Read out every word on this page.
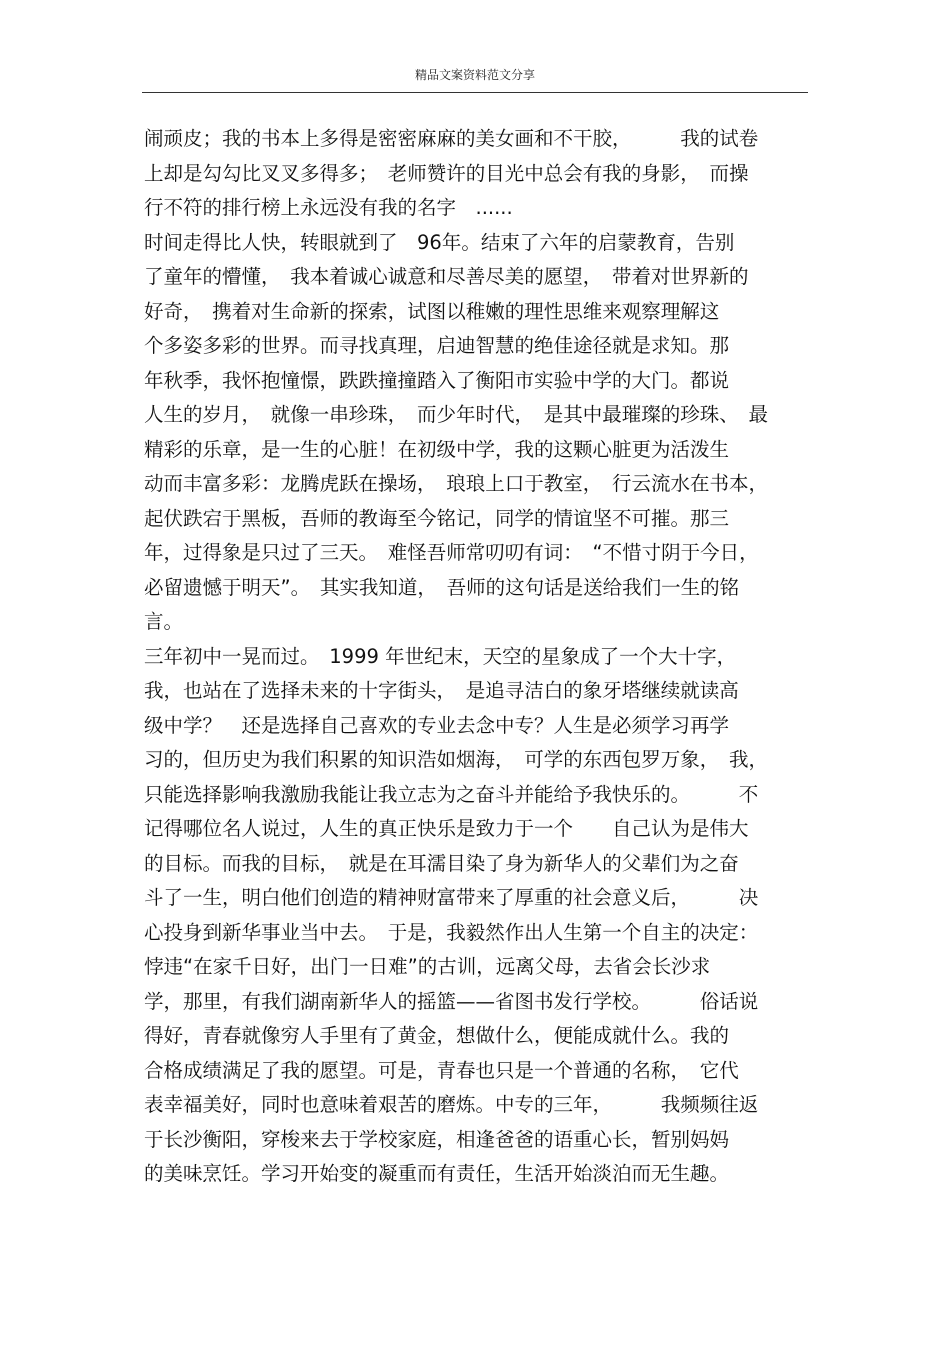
精品文案资料范文分享
闹顽皮；我的书本上多得是密密麻麻的美女画和不干胶，　　　我的试卷
上却是勾勾比叉叉多得多；　老师赞许的目光中总会有我的身影，　而操
行不符的排行榜上永远没有我的名字　......
时间走得比人快，转眼就到了　96年。结束了六年的启蒙教育，告别
了童年的懵懂，　我本着诚心诚意和尽善尽美的愿望，　带着对世界新的
好奇，　携着对生命新的探索，试图以稚嫩的理性思维来观察理解这
个多姿多彩的世界。而寻找真理，启迪智慧的绝佳途径就是求知。那
年秋季，我怀抱憧憬，跌跌撞撞踏入了衡阳市实验中学的大门。都说
人生的岁月，　就像一串珍珠，　而少年时代，　是其中最璀璨的珍珠、　最
精彩的乐章，是一生的心脏！在初级中学，我的这颗心脏更为活泼生
动而丰富多彩：龙腾虎跃在操场，　琅琅上口于教室，　行云流水在书本，
起伏跌宕于黑板，吾师的教诲至今铭记，同学的情谊坚不可摧。那三
年，过得象是只过了三天。　难怪吾师常叨叨有词：　“不惜寸阴于今日，
必留遗憾于明天”。　其实我知道，　吾师的这句话是送给我们一生的铭
言。
三年初中一晃而过。　1999 年世纪末，天空的星象成了一个大十字，
我，也站在了选择未来的十字街头，　是追寻洁白的象牙塔继续就读高
级中学？　还是选择自己喜欢的专业去念中专？人生是必须学习再学
习的，但历史为我们积累的知识浩如烟海，　可学的东西包罗万象，　我，
只能选择影响我激励我能让我立志为之奋斗并能给予我快乐的。　　　不
记得哪位名人说过，人生的真正快乐是致力于一个　　自己认为是伟大
的目标。而我的目标，　就是在耳濡目染了身为新华人的父辈们为之奋
斗了一生，明白他们创造的精神财富带来了厚重的社会意义后，　　　决
心投身到新华事业当中去。　于是，我毅然作出人生第一个自主的决定：
悖违“在家千日好，出门一日难”的古训，远离父母，去省会长沙求
学，那里，有我们湖南新华人的摇篮——省图书发行学校。　　　俗话说
得好，青春就像穷人手里有了黄金，想做什么，便能成就什么。我的
合格成绩满足了我的愿望。可是，青春也只是一个普通的名称，　它代
表幸福美好，同时也意味着艰苦的磨炼。中专的三年，　　　我频频往返
于长沙衡阳，穿梭来去于学校家庭，相逢爸爸的语重心长，暂别妈妈
的美味烹饪。学习开始变的凝重而有责任，生活开始淡泊而无生趣。
